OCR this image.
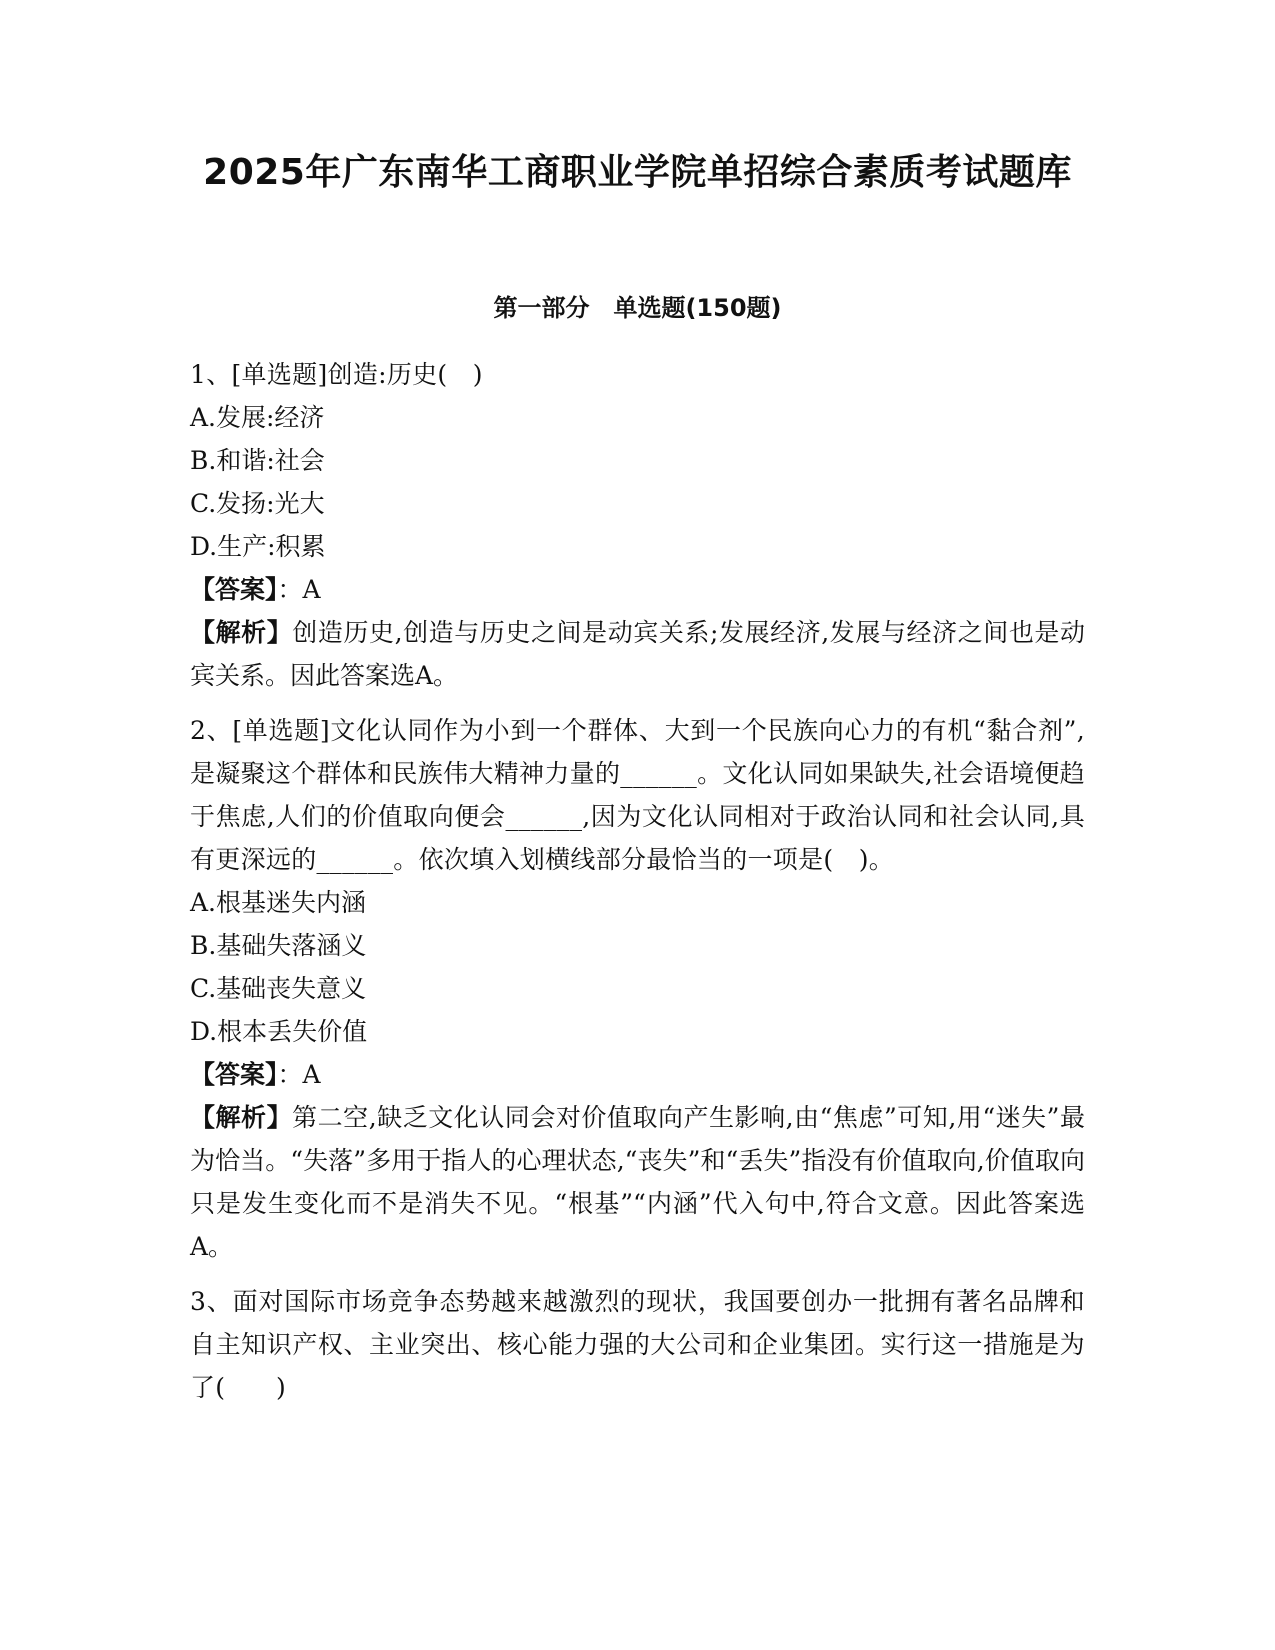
2025年广东南华工商职业学院单招综合素质考试题库
第一部分　单选题(150题)

1、[单选题]创造:历史(　)

A.发展:经济

B.和谐:社会

C.发扬:光大

D.生产:积累

【答案】：A

【解析】创造历史,创造与历史之间是动宾关系;发展经济,发展与经济之间也是动宾关系。因此答案选A。

2、[单选题]文化认同作为小到一个群体、大到一个民族向心力的有机“黏合剂”,是凝聚这个群体和民族伟大精神力量的______。文化认同如果缺失,社会语境便趋于焦虑,人们的价值取向便会______,因为文化认同相对于政治认同和社会认同,具有更深远的______。依次填入划横线部分最恰当的一项是(　)。

A.根基迷失内涵

B.基础失落涵义

C.基础丧失意义

D.根本丢失价值

【答案】：A

【解析】第二空,缺乏文化认同会对价值取向产生影响,由“焦虑”可知,用“迷失”最为恰当。“失落”多用于指人的心理状态,“丧失”和“丢失”指没有价值取向,价值取向只是发生变化而不是消失不见。“根基”“内涵”代入句中,符合文意。因此答案选A。

3、面对国际市场竞争态势越来越激烈的现状，我国要创办一批拥有著名品牌和自主知识产权、主业突出、核心能力强的大公司和企业集团。实行这一措施是为了(　　)
